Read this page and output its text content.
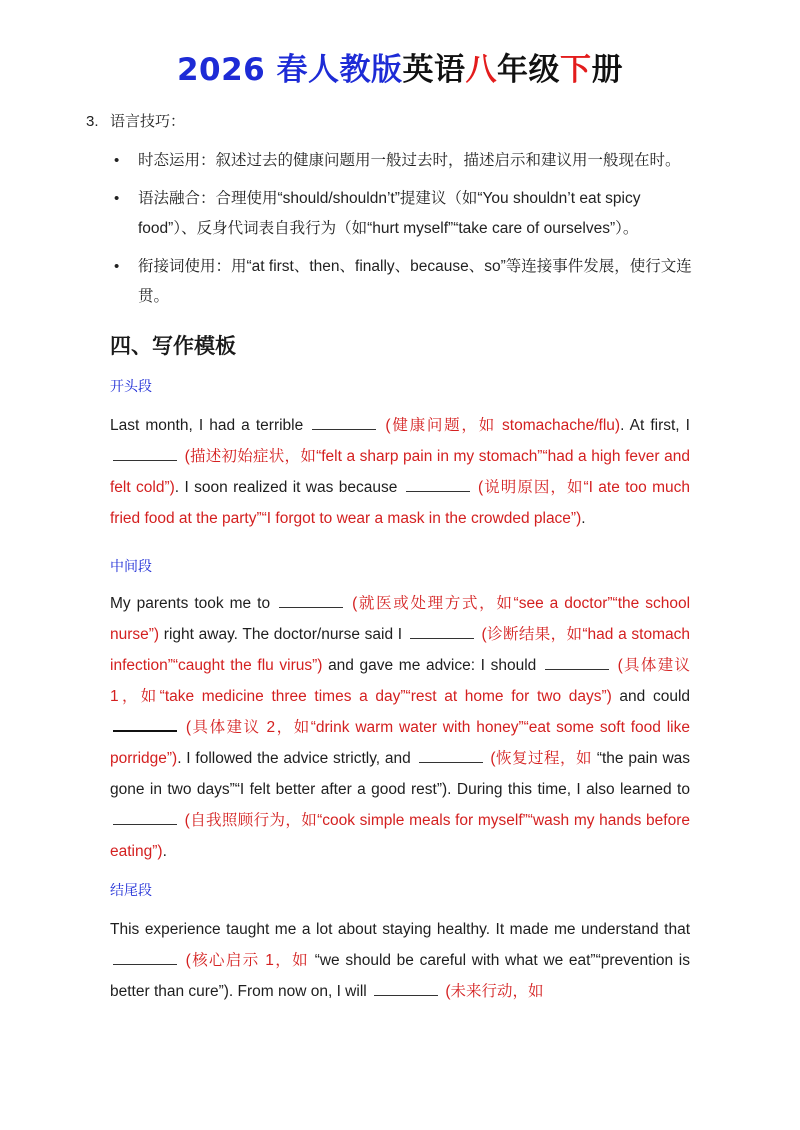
2026 春人教版英语八年级下册
3. 语言技巧：
• 时态运用：叙述过去的健康问题用一般过去时，描述启示和建议用一般现在时。
• 语法融合：合理使用“should/shouldn’t”提建议（如“You shouldn’t eat spicy food”）、反身代词表自我行为（如“hurt myself”“take care of ourselves”）。
• 衔接词使用：用“at first、then、finally、because、so”等连接事件发展，使行文连贯。
四、写作模板
开头段
Last month, I had a terrible	(健康问题，如 stomachache/flu). At first, I  (描述初始症状，如“felt a sharp pain in my stomach”“had a high fever and felt cold”). I soon realized it was because	(说明原因，如“I ate too much fried food at the party”“I forgot to wear a mask in the crowded place”).
中间段
My parents took me to	(就医或处理方式，如“see a doctor”“the school nurse”) right away. The doctor/nurse said I	(诊断结果，如“had a stomach infection”“caught the flu virus”) and gave me advice: I should	(具体建议 1，如“take medicine three times a day”“rest at home for two days”) and could  (具体建议 2，如“drink warm water with honey”“eat some soft food like porridge”). I followed the advice strictly, and	(恢复过程，如 “the pain was gone in two days”“I felt better after a good rest”). During this time, I also learned to  (自我照顾行为，如“cook simple meals for myself”“wash my hands before eating”).
结尾段
This experience taught me a lot about staying healthy. It made me understand that  (核心启示 1，如 “we should be careful with what we eat”“prevention is better than cure”). From now on, I will	(未来行动，如
